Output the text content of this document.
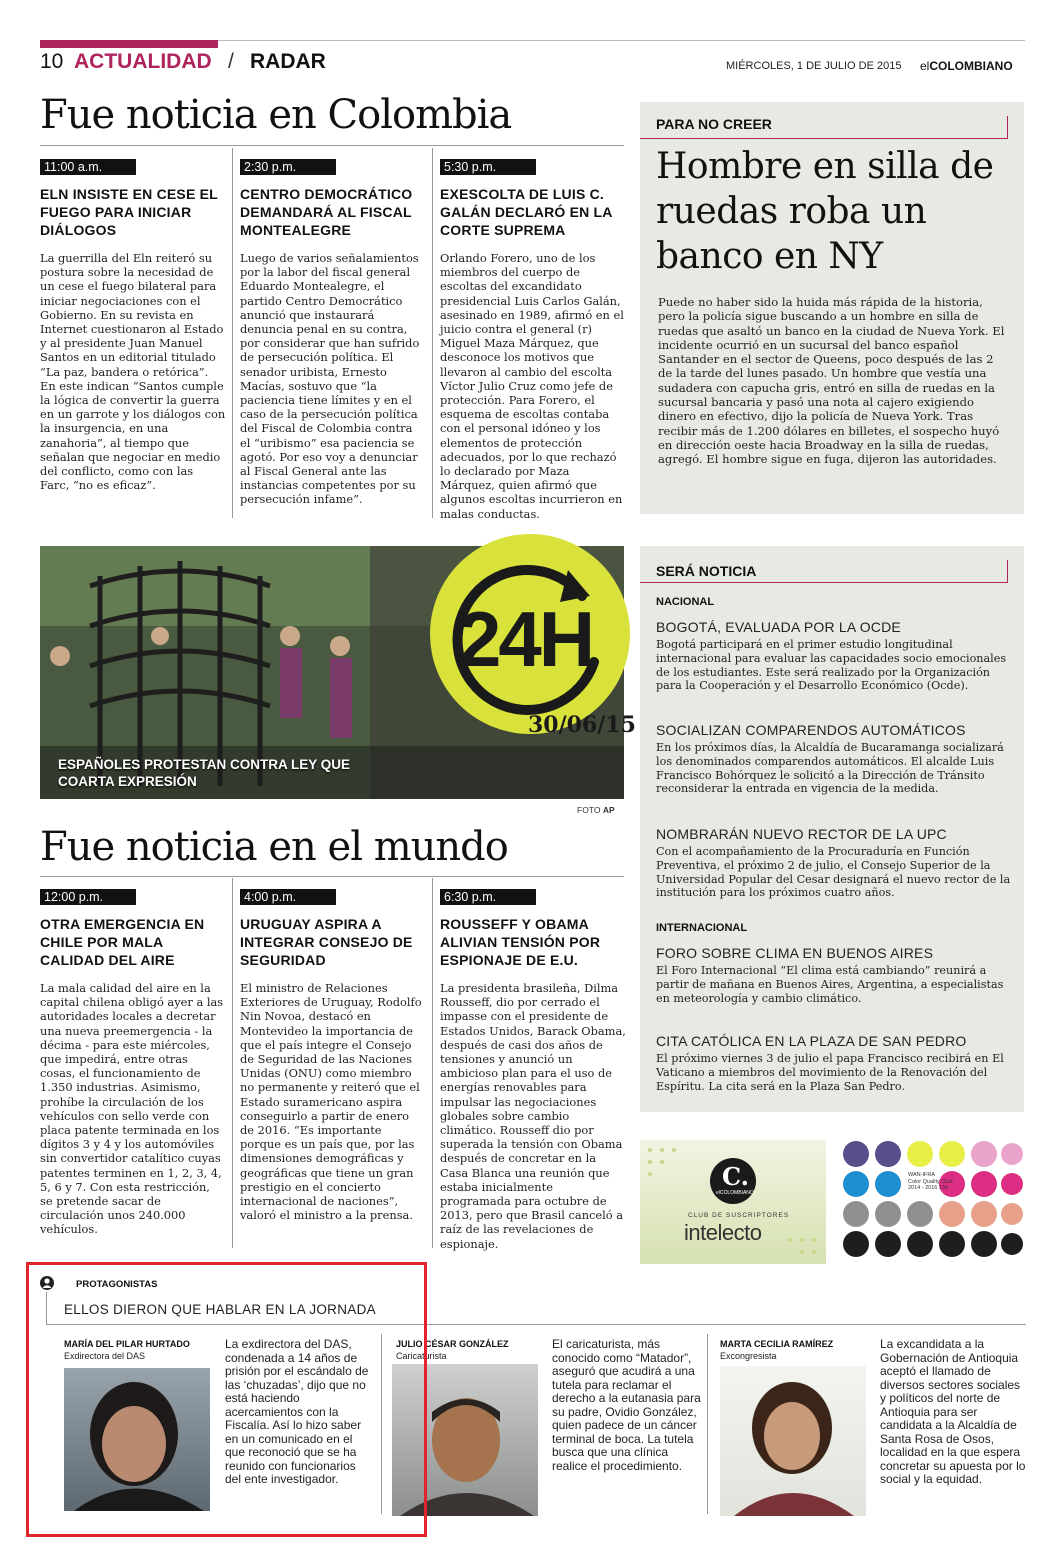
10 ACTUALIDAD / RADAR	MIÉRCOLES, 1 DE JULIO DE 2015 elCOLOMBIANO
Fue noticia en Colombia
11:00 a.m.
ELN INSISTE EN CESE EL FUEGO PARA INICIAR DIÁLOGOS
La guerrilla del Eln reiteró su postura sobre la necesidad de un cese el fuego bilateral para iniciar negociaciones con el Gobierno. En su revista en Internet cuestionaron al Estado y al presidente Juan Manuel Santos en un editorial titulado “La paz, bandera o retórica”. En este indican “Santos cumple la lógica de convertir la guerra en un garrote y los diálogos con la insurgencia, en una zanahoria”, al tiempo que señalan que negociar en medio del conflicto, como con las Farc, “no es eficaz”.
2:30 p.m.
CENTRO DEMOCRÁTICO DEMANDARÁ AL FISCAL MONTEALEGRE
Luego de varios señalamientos por la labor del fiscal general Eduardo Montealegre, el partido Centro Democrático anunció que instaurará denuncia penal en su contra, por considerar que han sufrido de persecución política. El senador uribista, Ernesto Macías, sostuvo que “la paciencia tiene límites y en el caso de la persecución política del Fiscal de Colombia contra el “uribismo” esa paciencia se agotó. Por eso voy a denunciar al Fiscal General ante las instancias competentes por su persecución infame”.
5:30 p.m.
EXESCOLTA DE LUIS C. GALÁN DECLARÓ EN LA CORTE SUPREMA
Orlando Forero, uno de los miembros del cuerpo de escoltas del excandidato presidencial Luis Carlos Galán, asesinado en 1989, afirmó en el juicio contra el general (r) Miguel Maza Márquez, que desconoce los motivos que llevaron al cambio del escolta Víctor Julio Cruz como jefe de protección. Para Forero, el esquema de escoltas contaba con el personal idóneo y los elementos de protección adecuados, por lo que rechazó lo declarado por Maza Márquez, quien afirmó que algunos escoltas incurrieron en malas conductas.
PARA NO CREER
Hombre en silla de ruedas roba un banco en NY
Puede no haber sido la huida más rápida de la historia, pero la policía sigue buscando a un hombre en silla de ruedas que asaltó un banco en la ciudad de Nueva York. El incidente ocurrió en un sucursal del banco español Santander en el sector de Queens, poco después de las 2 de la tarde del lunes pasado. Un hombre que vestía una sudadera con capucha gris, entró en silla de ruedas en la sucursal bancaria y pasó una nota al cajero exigiendo dinero en efectivo, dijo la policía de Nueva York. Tras recibir más de 1.200 dólares en billetes, el sospecho huyó en dirección oeste hacia Broadway en la silla de ruedas, agregó. El hombre sigue en fuga, dijeron las autoridades.
24H
30/06/15
ESPAÑOLES PROTESTAN CONTRA LEY QUE COARTA EXPRESIÓN
FOTO AP
Fue noticia en el mundo
12:00 p.m.
OTRA EMERGENCIA EN CHILE POR MALA CALIDAD DEL AIRE
La mala calidad del aire en la capital chilena obligó ayer a las autoridades locales a decretar una nueva preemergencia - la décima - para este miércoles, que impedirá, entre otras cosas, el funcionamiento de 1.350 industrias. Asimismo, prohíbe la circulación de los vehículos con sello verde con placa patente terminada en los dígitos 3 y 4 y los automóviles sin convertidor catalítico cuyas patentes terminen en 1, 2, 3, 4, 5, 6 y 7. Con esta restricción, se pretende sacar de circulación unos 240.000 vehículos.
4:00 p.m.
URUGUAY ASPIRA A INTEGRAR CONSEJO DE SEGURIDAD
El ministro de Relaciones Exteriores de Uruguay, Rodolfo Nin Novoa, destacó en Montevideo la importancia de que el país integre el Consejo de Seguridad de las Naciones Unidas (ONU) como miembro no permanente y reiteró que el Estado suramericano aspira conseguirlo a partir de enero de 2016. “Es importante porque es un país que, por las dimensiones demográficas y geográficas que tiene un gran prestigio en el concierto internacional de naciones”, valoró el ministro a la prensa.
6:30 p.m.
ROUSSEFF Y OBAMA ALIVIAN TENSIÓN POR ESPIONAJE DE E.U.
La presidenta brasileña, Dilma Rousseff, dio por cerrado el impasse con el presidente de Estados Unidos, Barack Obama, después de casi dos años de tensiones y anunció un ambicioso plan para el uso de energías renovables para impulsar las negociaciones globales sobre cambio climático. Rousseff dio por superada la tensión con Obama después de concretar en la Casa Blanca una reunión que estaba inicialmente programada para octubre de 2013, pero que Brasil canceló a raíz de las revelaciones de espionaje.
SERÁ NOTICIA
NACIONAL
BOGOTÁ, EVALUADA POR LA OCDE
Bogotá participará en el primer estudio longitudinal internacional para evaluar las capacidades socio emocionales de los estudiantes. Este será realizado por la Organización para la Cooperación y el Desarrollo Económico (Ocde).
SOCIALIZAN COMPARENDOS AUTOMÁTICOS
En los próximos días, la Alcaldía de Bucaramanga socializará los denominados comparendos automáticos. El alcalde Luis Francisco Bohórquez le solicitó a la Dirección de Tránsito reconsiderar la entrada en vigencia de la medida.
NOMBRARÁN NUEVO RECTOR DE LA UPC
Con el acompañamiento de la Procuraduría en Función Preventiva, el próximo 2 de julio, el Consejo Superior de la Universidad Popular del Cesar designará el nuevo rector de la institución para los próximos cuatro años.
INTERNACIONAL
FORO SOBRE CLIMA EN BUENOS AIRES
El Foro Internacional “El clima está cambiando” reunirá a partir de mañana en Buenos Aires, Argentina, a especialistas en meteorología y cambio climático.
CITA CATÓLICA EN LA PLAZA DE SAN PEDRO
El próximo viernes 3 de julio el papa Francisco recibirá en El Vaticano a miembros del movimiento de la Renovación del Espíritu. La cita será en la Plaza San Pedro.
C.
elCOLOMBIANO
CLUB DE SUSCRIPTORES
intelecto
WAN-IFRA
Color Quality Club
2014 - 2016 134
PROTAGONISTAS
ELLOS DIERON QUE HABLAR EN LA JORNADA
MARÍA DEL PILAR HURTADO
Exdirectora del DAS
La exdirectora del DAS, condenada a 14 años de prisión por el escándalo de las ‘chuzadas’, dijo que no está haciendo acercamientos con la Fiscalía. Así lo hizo saber en un comunicado en el que reconoció que se ha reunido con funcionarios del ente investigador.
JULIO CÉSAR GONZÁLEZ
Caricaturista
El caricaturista, más conocido como “Matador”, aseguró que acudirá a una tutela para reclamar el derecho a la eutanasia para su padre, Ovidio González, quien padece de un cáncer terminal de boca. La tutela busca que una clínica realice el procedimiento.
MARTA CECILIA RAMÍREZ
Excongresista
La excandidata a la Gobernación de Antioquia aceptó el llamado de diversos sectores sociales y políticos del norte de Antioquia para ser candidata a la Alcaldía de Santa Rosa de Osos, localidad en la que espera concretar su apuesta por lo social y la equidad.
